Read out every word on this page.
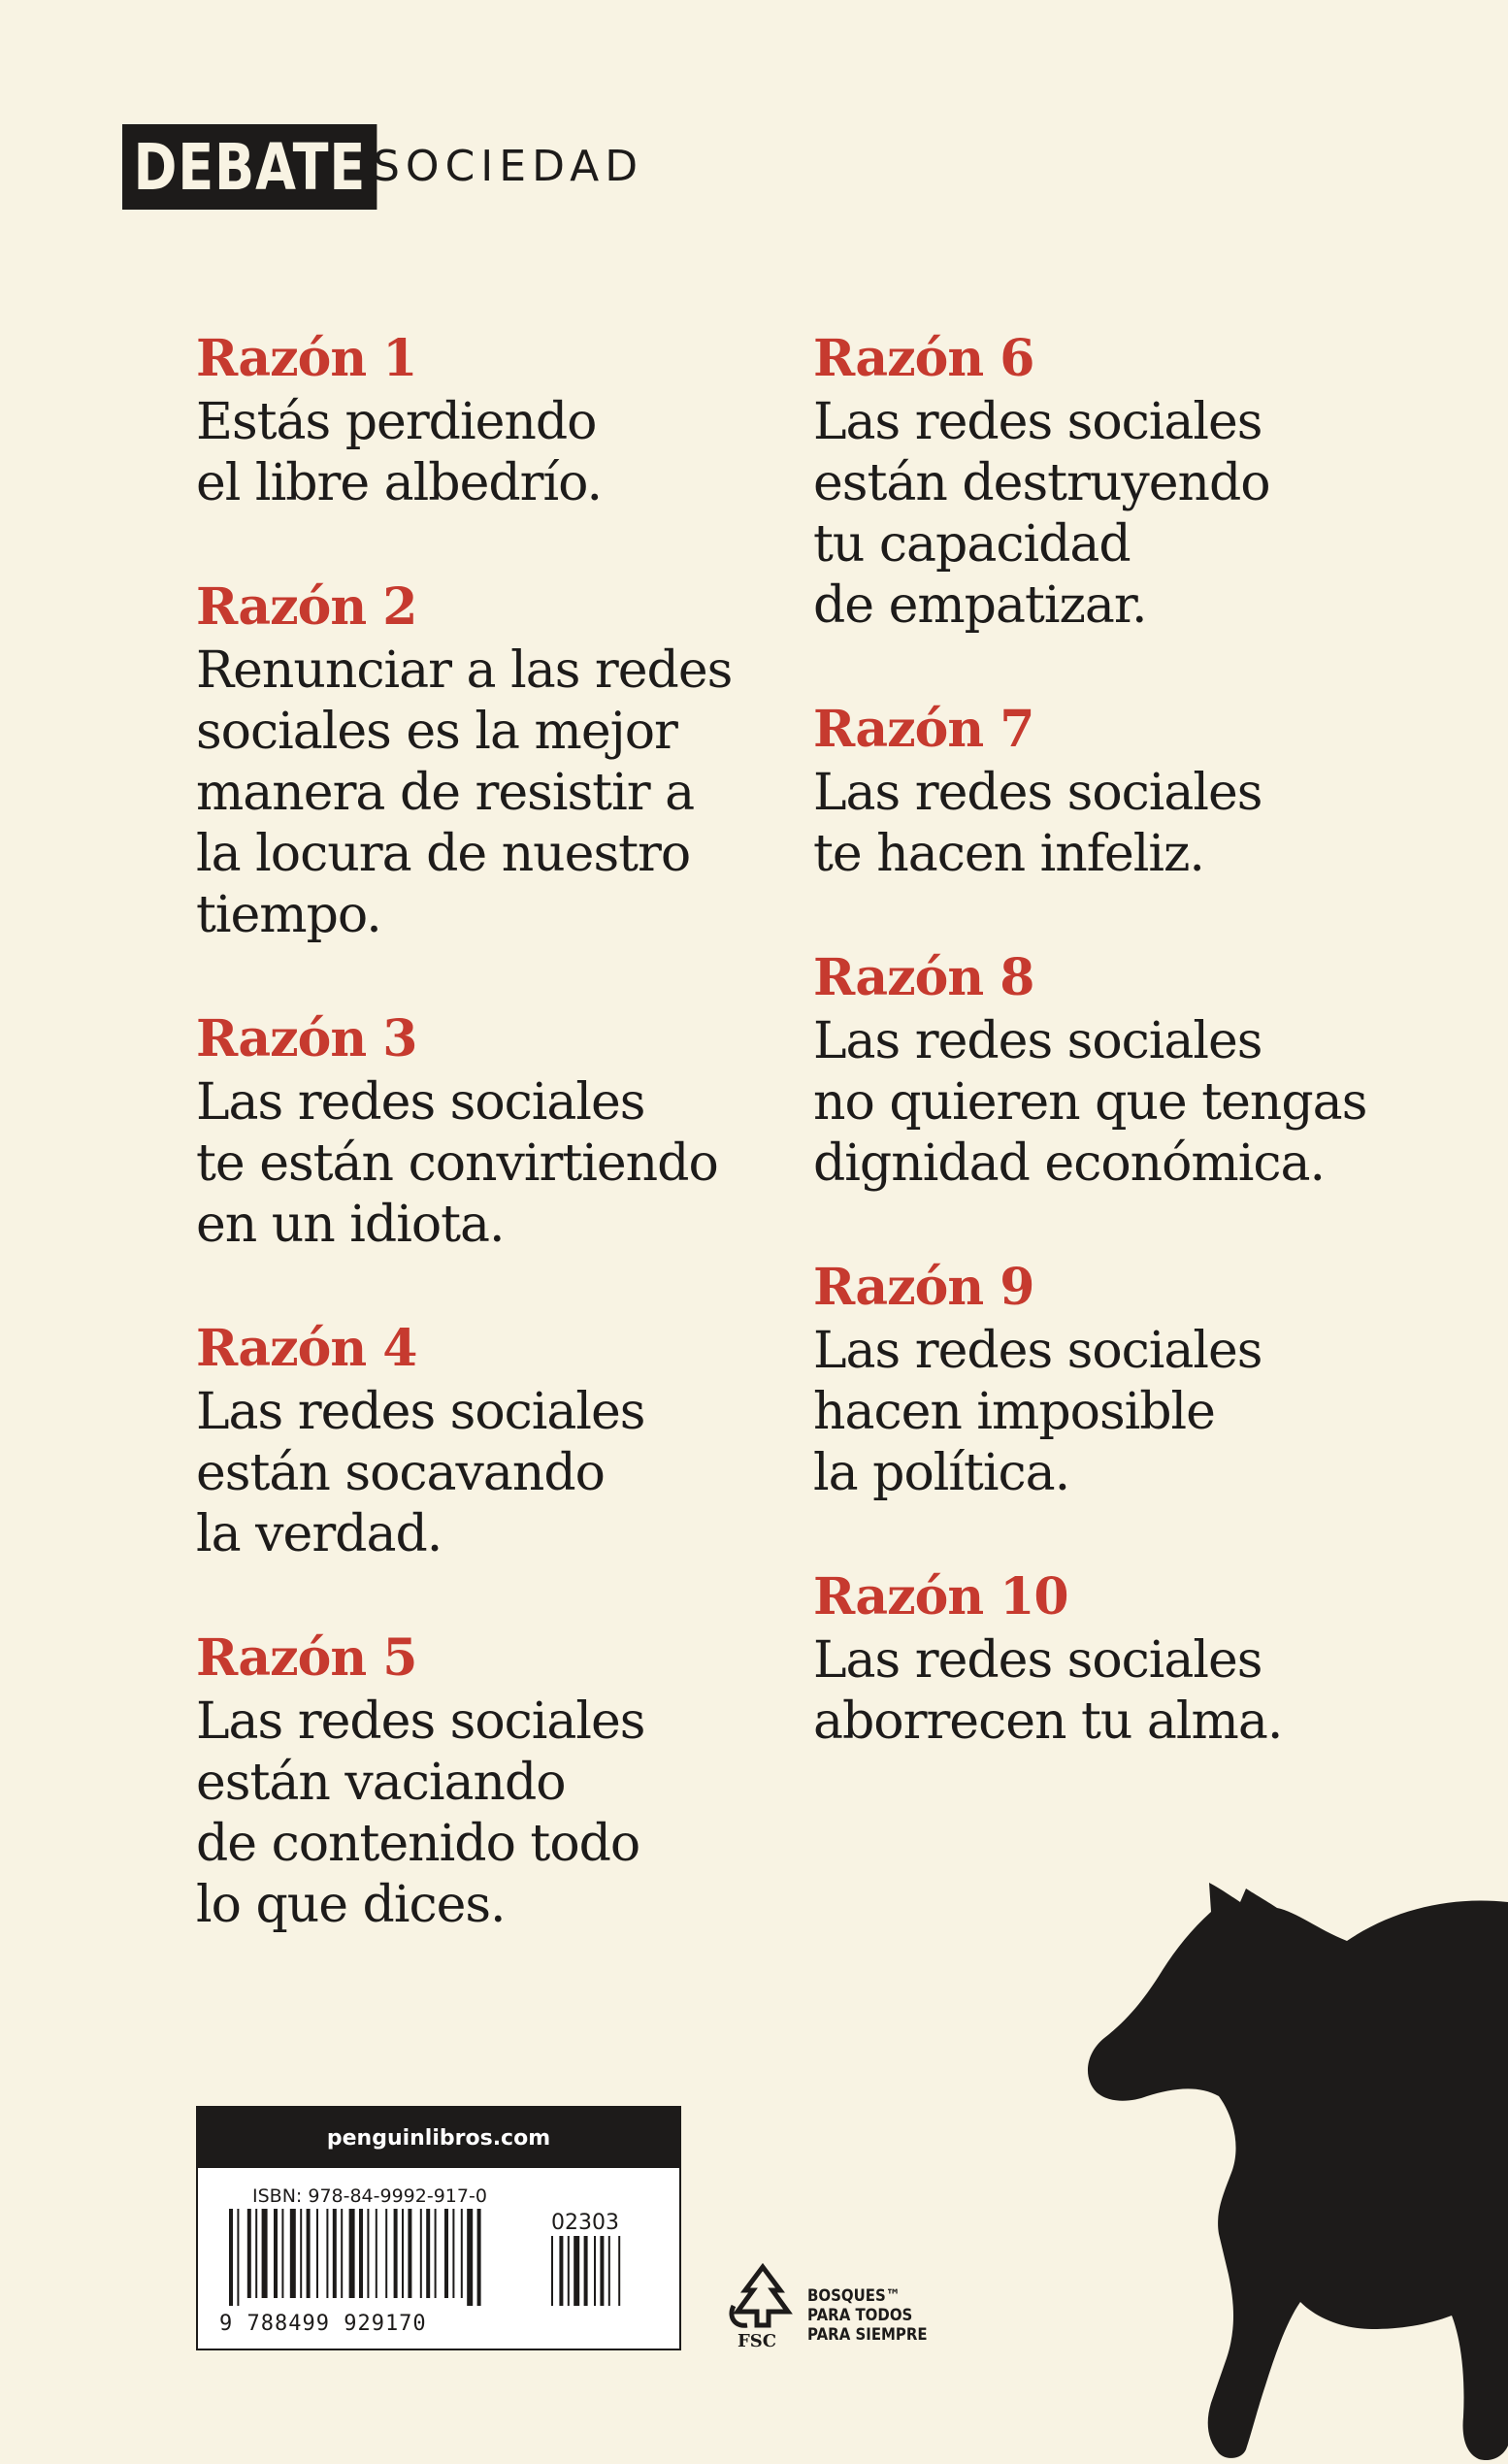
DEBATE SOCIEDAD
Razón 1
Estás perdiendo
el libre albedrío.
Razón 2
Renunciar a las redes
sociales es la mejor
manera de resistir a
la locura de nuestro
tiempo.
Razón 3
Las redes sociales
te están convirtiendo
en un idiota.
Razón 4
Las redes sociales
están socavando
la verdad.
Razón 5
Las redes sociales
están vaciando
de contenido todo
lo que dices.
Razón 6
Las redes sociales
están destruyendo
tu capacidad
de empatizar.
Razón 7
Las redes sociales
te hacen infeliz.
Razón 8
Las redes sociales
no quieren que tengas
dignidad económica.
Razón 9
Las redes sociales
hacen imposible
la política.
Razón 10
Las redes sociales
aborrecen tu alma.
penguinlibros.com
ISBN: 978-84-9992-917-0
02303
9 788499 929170
FSC
BOSQUES™
PARA TODOS
PARA SIEMPRE
